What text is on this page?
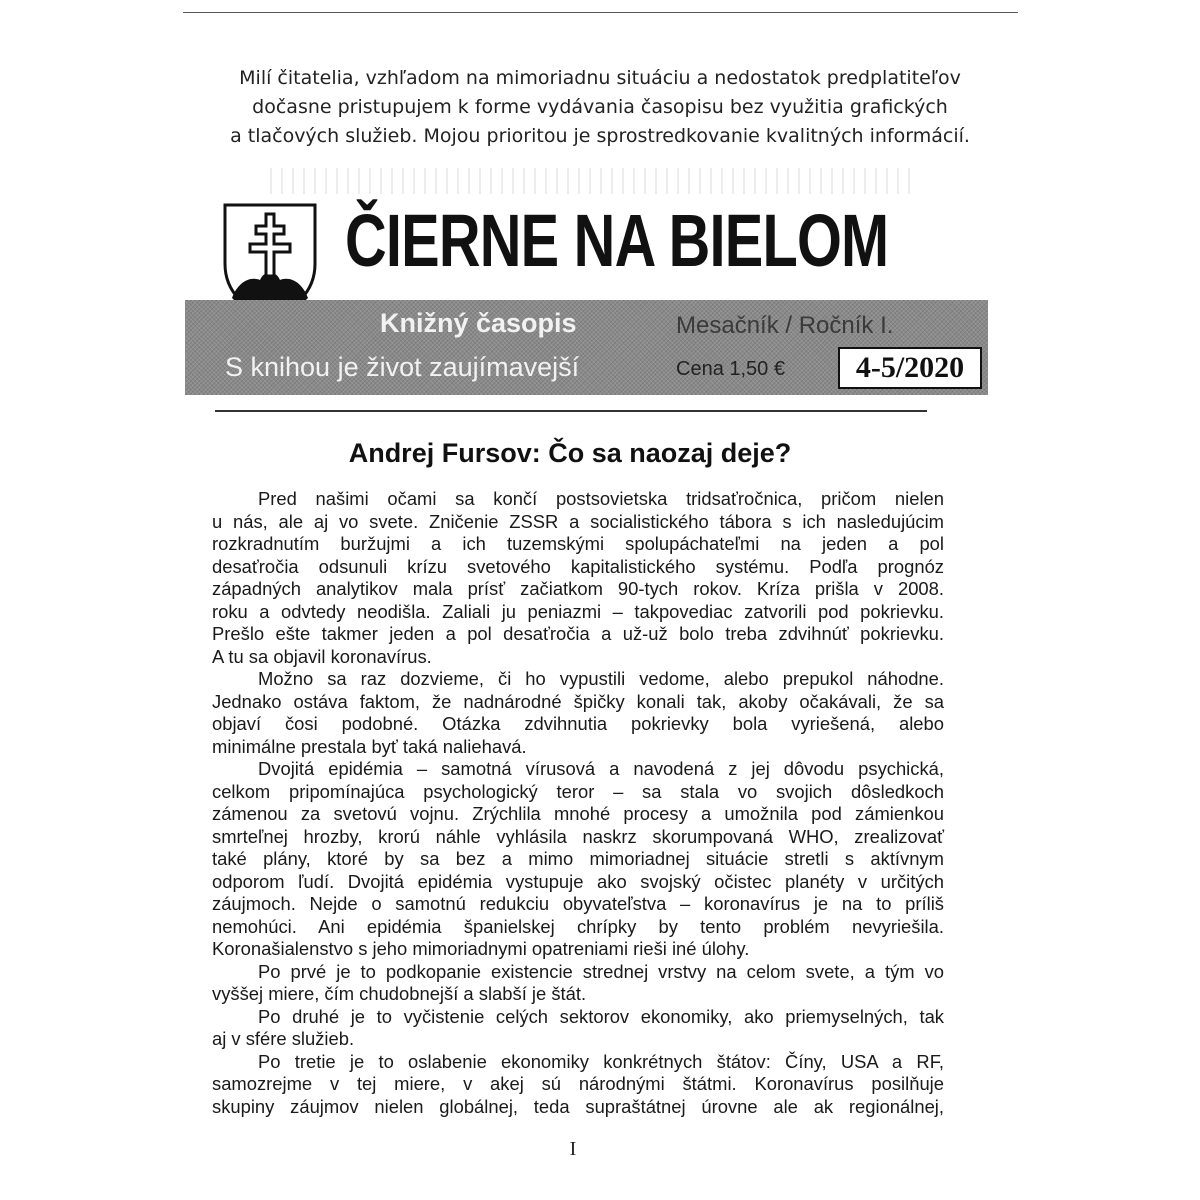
Milí čitatelia, vzhľadom na mimoriadnu situáciu a nedostatok predplatiteľov
dočasne pristupujem k forme vydávania časopisu bez využitia grafických
a tlačových služieb. Mojou prioritou je sprostredkovanie kvalitných informácií.
ČIERNE NA BIELOM
Knižný časopis	Mesačník / Ročník I.
S knihou je život zaujímavejší	Cena 1,50 €	4-5/2020
Andrej Fursov: Čo sa naozaj deje?
Pred našimi očami sa končí postsovietska tridsaťročnica, pričom nielen
u nás, ale aj vo svete. Zničenie ZSSR a socialistického tábora s ich nasledujúcim
rozkradnutím buržujmi a ich tuzemskými spolupáchateľmi na jeden a pol
desaťročia odsunuli krízu svetového kapitalistického systému. Podľa prognóz
západných analytikov mala prísť začiatkom 90-tych rokov. Kríza prišla v 2008.
roku a odvtedy neodišla. Zaliali ju peniazmi – takpovediac zatvorili pod pokrievku.
Prešlo ešte takmer jeden a pol desaťročia a už-už bolo treba zdvihnúť pokrievku.
A tu sa objavil koronavírus.
Možno sa raz dozvieme, či ho vypustili vedome, alebo prepukol náhodne.
Jednako ostáva faktom, že nadnárodné špičky konali tak, akoby očakávali, že sa
objaví čosi podobné. Otázka zdvihnutia pokrievky bola vyriešená, alebo
minimálne prestala byť taká naliehavá.
Dvojitá epidémia – samotná vírusová a navodená z jej dôvodu psychická,
celkom pripomínajúca psychologický teror – sa stala vo svojich dôsledkoch
zámenou za svetovú vojnu. Zrýchlila mnohé procesy a umožnila pod zámienkou
smrteľnej hrozby, krorú náhle vyhlásila naskrz skorumpovaná WHO, zrealizovať
také plány, ktoré by sa bez a mimo mimoriadnej situácie stretli s aktívnym
odporom ľudí. Dvojitá epidémia vystupuje ako svojský očistec planéty v určitých
záujmoch. Nejde o samotnú redukciu obyvateľstva – koronavírus je na to príliš
nemohúci. Ani epidémia španielskej chrípky by tento problém nevyriešila.
Koronašialenstvo s jeho mimoriadnymi opatreniami rieši iné úlohy.
Po prvé je to podkopanie existencie strednej vrstvy na celom svete, a tým vo
vyššej miere, čím chudobnejší a slabší je štát.
Po druhé je to vyčistenie celých sektorov ekonomiky, ako priemyselných, tak
aj v sfére služieb.
Po tretie je to oslabenie ekonomiky konkrétnych štátov: Číny, USA a RF,
samozrejme v tej miere, v akej sú národnými štátmi. Koronavírus posilňuje
skupiny záujmov nielen globálnej, teda supraštátnej úrovne ale ak regionálnej,
I
